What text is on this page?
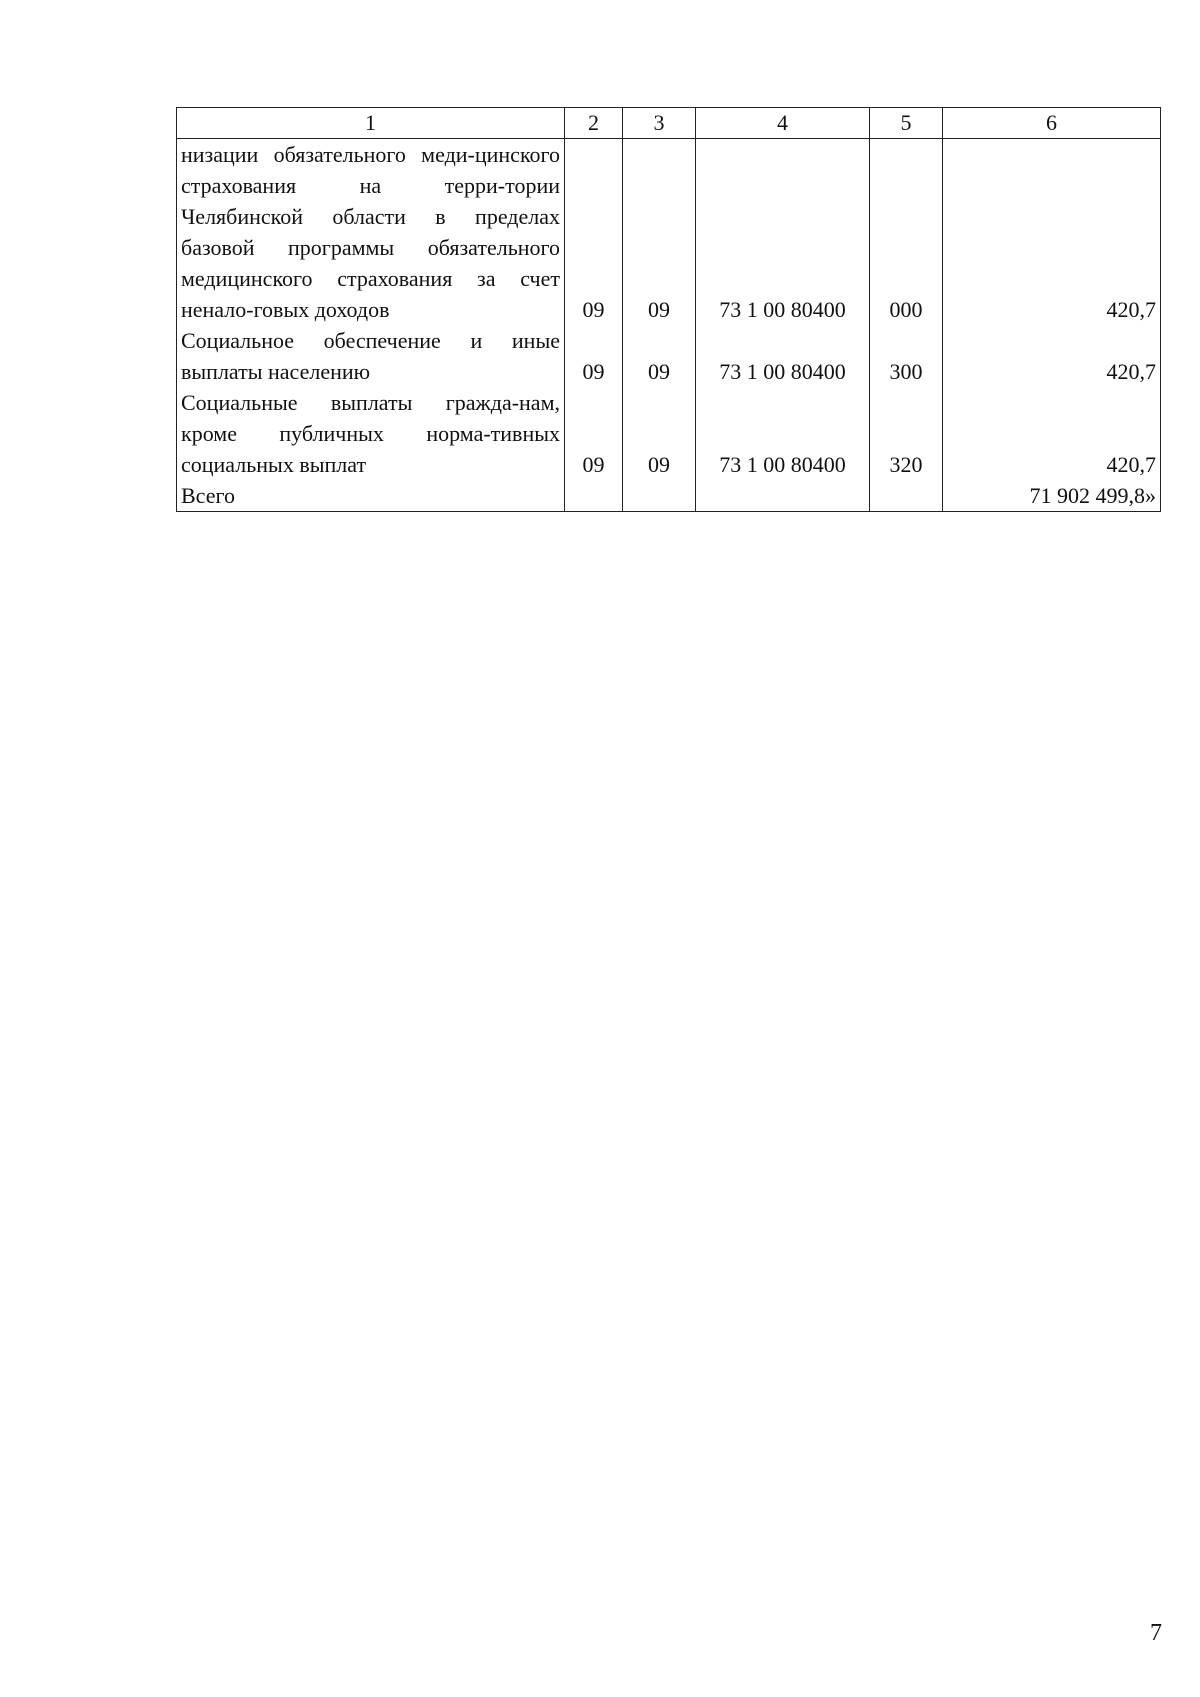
1	2	3	4	5	6
низации обязательного меди-цинского страхования на терри-тории Челябинской области в пределах базовой программы обязательного медицинского страхования за счет ненало-говых доходов	09	09	73 1 00 80400	000	420,7
Социальное обеспечение и иные выплаты населению	09	09	73 1 00 80400	300	420,7
Социальные выплаты гражда-нам, кроме публичных норма-тивных социальных выплат	09	09	73 1 00 80400	320	420,7
Всего					71 902 499,8»
7
